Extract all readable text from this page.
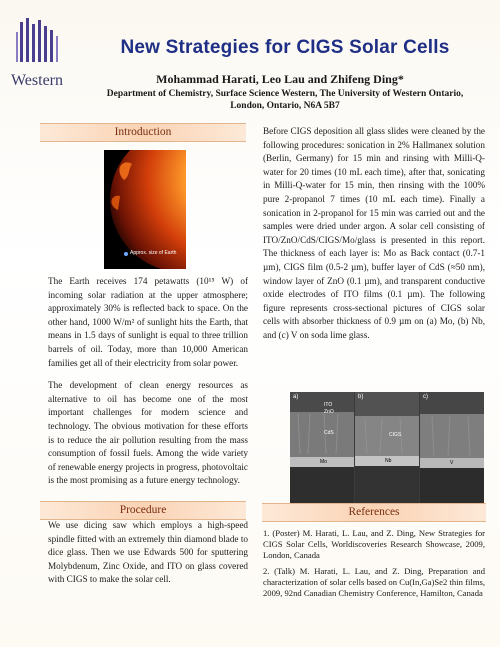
Western
New Strategies for CIGS Solar Cells
Mohammad Harati, Leo Lau and Zhifeng Ding*
Department of Chemistry, Surface Science Western, The University of Western Ontario,
London, Ontario, N6A 5B7
Introduction
Approx. size of Earth

The Earth receives 174 petawatts (10¹⁵ W) of incoming solar radiation at the upper atmosphere; approximately 30% is reflected back to space. On the other hand, 1000 W/m² of sunlight hits the Earth, that means in 1.5 days of sunlight is equal to three trillion barrels of oil. Today, more than 10,000 American families get all of their electricity from solar power.

The development of clean energy resources as alternative to oil has become one of the most important challenges for modern science and technology. The obvious motivation for these efforts is to reduce the air pollution resulting from the mass consumption of fossil fuels. Among the wide variety of renewable energy projects in progress, photovoltaic is the most promising as a future energy technology.

Before CIGS deposition all glass slides were cleaned by the following procedures: sonication in 2% Hallmanex solution (Berlin, Germany) for 15 min and rinsing with Milli-Q-water for 20 times (10 mL each time), after that, sonicating in Milli-Q-water for 15 min, then rinsing with the 100% pure 2-propanol 7 times (10 mL each time). Finally a sonication in 2-propanol for 15 min was carried out and the samples were dried under argon. A solar cell consisting of ITO/ZnO/CdS/CIGS/Mo/glass is presented in this report. The thickness of each layer is: Mo as Back contact (0.7-1 µm), CIGS film (0.5-2 µm), buffer layer of CdS (≈50 nm), window layer of ZnO (0.1 µm), and transparent conductive oxide electrodes of ITO films (0.1 µm). The following figure represents cross-sectional pictures of CIGS solar cells with absorber thickness of 0.9 µm on (a) Mo, (b) Nb, and (c) V on soda lime glass.
a)	b)	c)
ITO
ZnO
CdS	CIGS
Mo	Nb	V
Procedure
We use dicing saw which employs a high-speed spindle fitted with an extremely thin diamond blade to dice glass. Then we use Edwards 500 for sputtering Molybdenum, Zinc Oxide, and ITO on glass covered with CIGS to make the solar cell.
References
1. (Poster) M. Harati, L. Lau, and Z. Ding, New Strategies for CIGS Solar Cells, Worldiscoveries Research Showcase, 2009, London, Canada
2. (Talk) M. Harati, L. Lau, and Z. Ding, Preparation and characterization of solar cells based on Cu(In,Ga)Se2 thin films, 2009, 92nd Canadian Chemistry Conference, Hamilton, Canada
